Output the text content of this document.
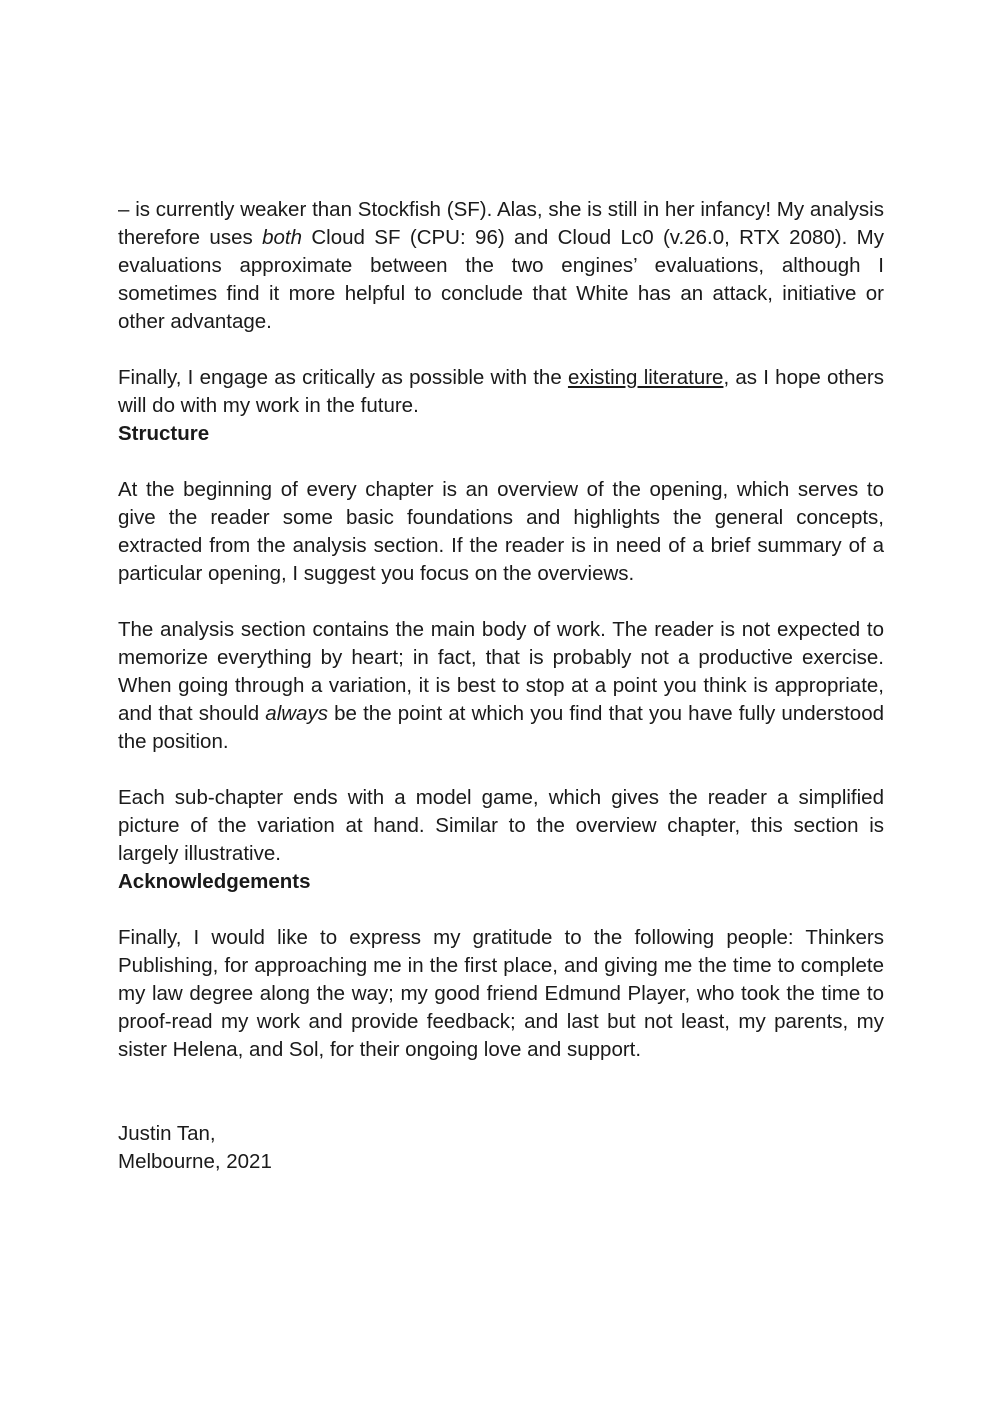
– is currently weaker than Stockfish (SF). Alas, she is still in her infancy! My analysis therefore uses both Cloud SF (CPU: 96) and Cloud Lc0 (v.26.0, RTX 2080). My evaluations approximate between the two engines’ evaluations, although I sometimes find it more helpful to conclude that White has an attack, initiative or other advantage.

Finally, I engage as critically as possible with the existing literature, as I hope others will do with my work in the future.

Structure

At the beginning of every chapter is an overview of the opening, which serves to give the reader some basic foundations and highlights the general concepts, extracted from the analysis section. If the reader is in need of a brief summary of a particular opening, I suggest you focus on the overviews.

The analysis section contains the main body of work. The reader is not expected to memorize everything by heart; in fact, that is probably not a productive exercise. When going through a variation, it is best to stop at a point you think is appropriate, and that should always be the point at which you find that you have fully understood the position.

Each sub-chapter ends with a model game, which gives the reader a simplified picture of the variation at hand. Similar to the overview chapter, this section is largely illustrative.

Acknowledgements

Finally, I would like to express my gratitude to the following people: Thinkers Publishing, for approaching me in the first place, and giving me the time to complete my law degree along the way; my good friend Edmund Player, who took the time to proof-read my work and provide feedback; and last but not least, my parents, my sister Helena, and Sol, for their ongoing love and support.

Justin Tan,

Melbourne, 2021
